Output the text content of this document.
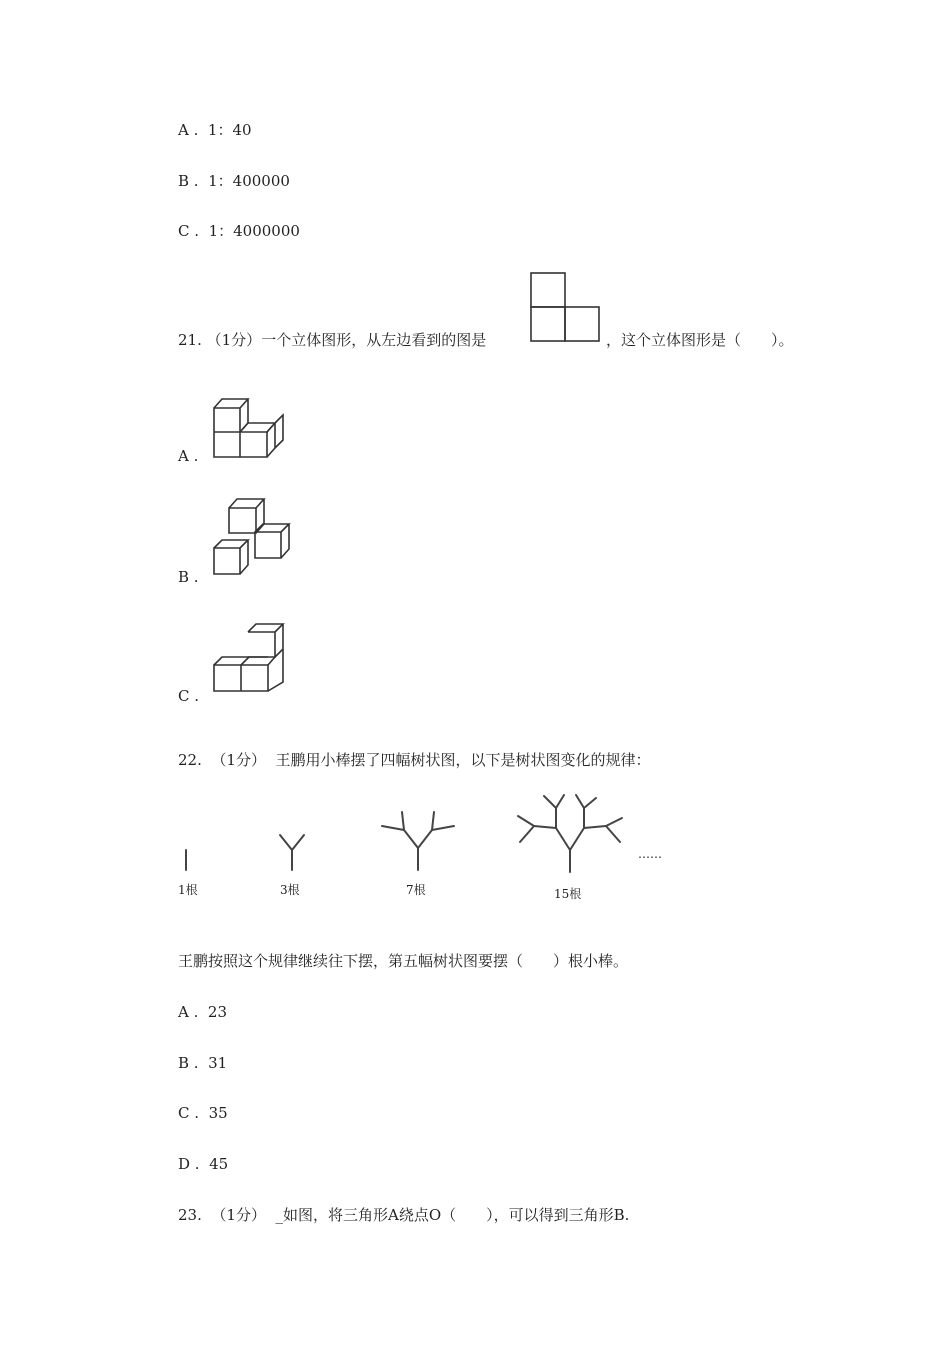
A .  1：40
B .  1：400000
C .  1：4000000
21. （1分）一个立体图形，从左边看到的图是	，这个立体图形是（　　）。
A .
B .
C .
22. （1分） 王鹏用小棒摆了四幅树状图，以下是树状图变化的规律：
1根	3根	7根	15根
……
王鹏按照这个规律继续往下摆，第五幅树状图要摆（　　）根小棒。
A .  23
B .  31
C .  35
D .  45
23. （1分） _如图，将三角形A绕点O（　　），可以得到三角形B.
